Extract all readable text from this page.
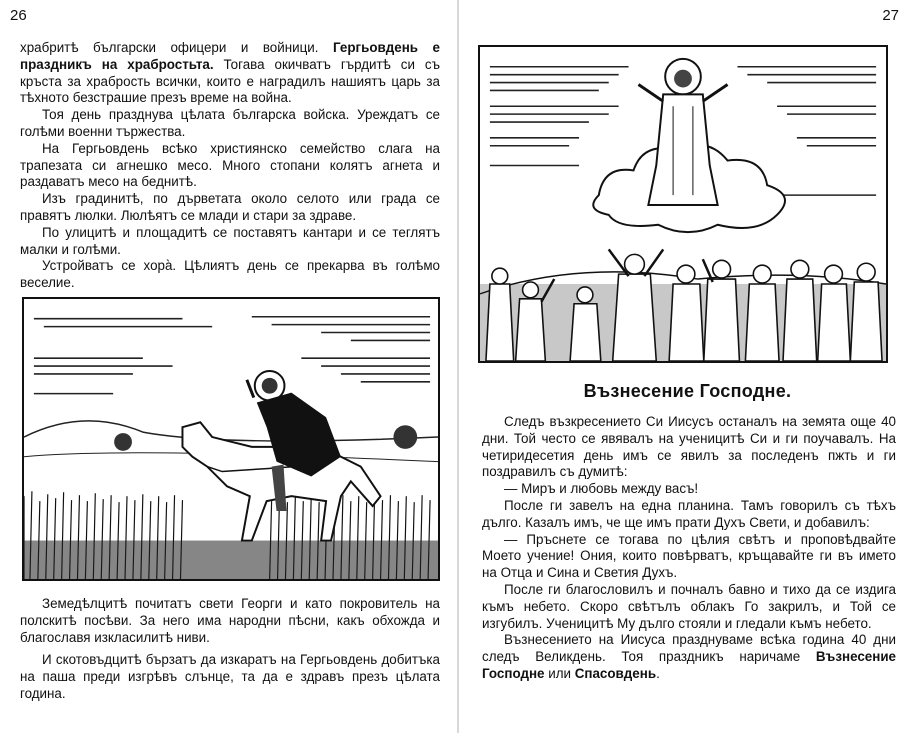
26

храбритѣ български офицери и войници. Гергьовдень е праздникъ на храбростьта. Тогава окичватъ гърдитѣ си съ кръста за храбрость всички, които е наградилъ нашиятъ царь за тѣхното безстрашие презъ време на война.

Тоя день празднува цѣлата българска войска. Уреждатъ се голѣми военни тържества.

На Гергьовдень всѣко християнско семейство слага на трапезата си агнешко месо. Много стопани колятъ агнета и раздаватъ месо на беднитѣ.

Изъ градинитѣ, по дърветата около селото или града се правятъ люлки. Люлѣятъ се млади и стари за здраве.

По улицитѣ и площадитѣ се поставятъ кантари и се теглятъ малки и голѣми.

Устройватъ се хора̀. Цѣлиятъ день се прекарва въ голѣмо веселие.

Земедѣлцитѣ почитатъ свети Георги и като покровитель на полскитѣ посѣви. За него има народни пѣсни, какъ обхожда и благославя изкласилитѣ ниви.

И скотовъдцитѣ бързатъ да изкаратъ на Гергьовдень добитъка на паша преди изгрѣвъ слънце, та да е здравъ презъ цѣлата година.

27
Възнесение Господне.

Следъ възкресението Си Иисусъ останалъ на земята още 40 дни. Той често се явявалъ на ученицитѣ Си и ги поучавалъ. На четиридесетия день имъ се явилъ за последенъ пжть и ги поздравилъ съ думитѣ:

— Миръ и любовь между васъ!

После ги завелъ на една планина. Тамъ говорилъ съ тѣхъ дълго. Казалъ имъ, че ще имъ прати Духъ Свети, и добавилъ:

— Пръснете се тогава по цѣлия свѣтъ и проповѣдвайте Моето учение! Ония, които повѣрватъ, кръщавайте ги въ името на Отца и Сина и Светия Духъ.

После ги благословилъ и почналъ бавно и тихо да се издига къмъ небето. Скоро свѣтълъ облакъ Го закрилъ, и Той се изгубилъ. Ученицитѣ Му дълго стояли и гледали къмъ небето.

Възнесението на Иисуса празднуваме всѣка година 40 дни следъ Великдень. Тоя праздникъ наричаме Възнесение Господне или Спасовдень.
